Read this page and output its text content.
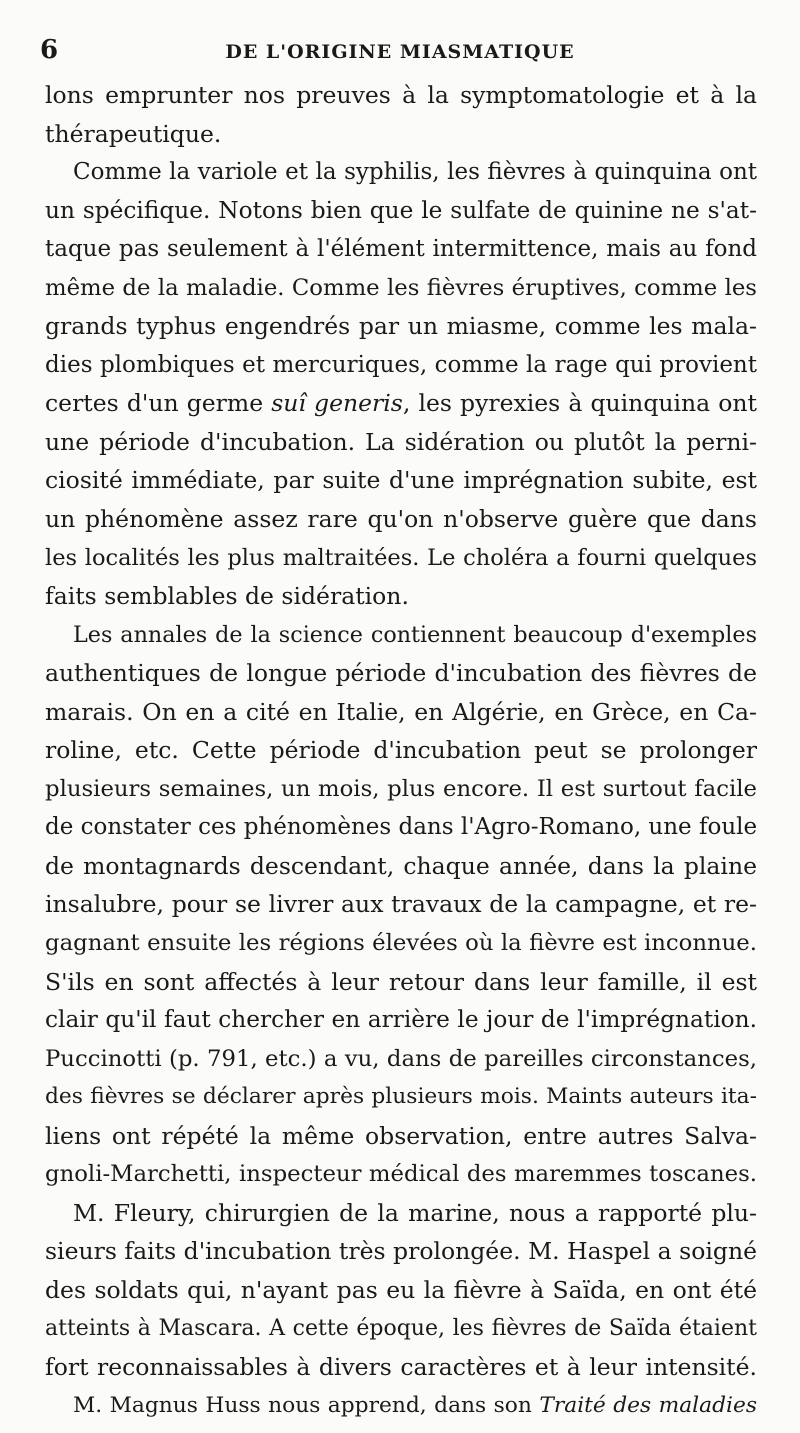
6	DE L'ORIGINE MIASMATIQUE
lons emprunter nos preuves à la symptomatologie et à la
thérapeutique.
Comme la variole et la syphilis, les fièvres à quinquina ont
un spécifique. Notons bien que le sulfate de quinine ne s'at-
taque pas seulement à l'élément intermittence, mais au fond
même de la maladie. Comme les fièvres éruptives, comme les
grands typhus engendrés par un miasme, comme les mala-
dies plombiques et mercuriques, comme la rage qui provient
certes d'un germe suî generis, les pyrexies à quinquina ont
une période d'incubation. La sidération ou plutôt la perni-
ciosité immédiate, par suite d'une imprégnation subite, est
un phénomène assez rare qu'on n'observe guère que dans
les localités les plus maltraitées. Le choléra a fourni quelques
faits semblables de sidération.
Les annales de la science contiennent beaucoup d'exemples
authentiques de longue période d'incubation des fièvres de
marais. On en a cité en Italie, en Algérie, en Grèce, en Ca-
roline, etc. Cette période d'incubation peut se prolonger
plusieurs semaines, un mois, plus encore. Il est surtout facile
de constater ces phénomènes dans l'Agro-Romano, une foule
de montagnards descendant, chaque année, dans la plaine
insalubre, pour se livrer aux travaux de la campagne, et re-
gagnant ensuite les régions élevées où la fièvre est inconnue.
S'ils en sont affectés à leur retour dans leur famille, il est
clair qu'il faut chercher en arrière le jour de l'imprégnation.
Puccinotti (p. 791, etc.) a vu, dans de pareilles circonstances,
des fièvres se déclarer après plusieurs mois. Maints auteurs ita-
liens ont répété la même observation, entre autres Salva-
gnoli-Marchetti, inspecteur médical des maremmes toscanes.
M. Fleury, chirurgien de la marine, nous a rapporté plu-
sieurs faits d'incubation très prolongée. M. Haspel a soigné
des soldats qui, n'ayant pas eu la fièvre à Saïda, en ont été
atteints à Mascara. A cette époque, les fièvres de Saïda étaient
fort reconnaissables à divers caractères et à leur intensité.
M. Magnus Huss nous apprend, dans son Traité des maladies
